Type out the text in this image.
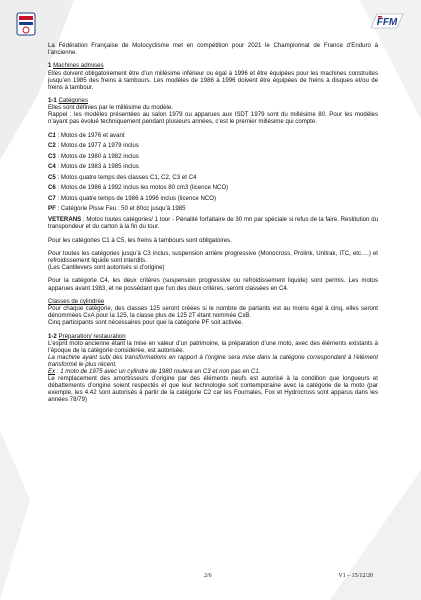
FFM

La Fédération Française de Motocyclisme met en compétition pour 2021 le Championnat de France d’Enduro à l’ancienne.

1 Machines admises

Elles doivent obligatoirement être d’un millésime inférieur ou égal à 1996 et être équipées pour les machines construites jusqu’en 1985 des freins à tambours. Les modèles de 1986 à 1996 doivent être équipées de freins à disques et/ou de freins à tambour.

1-1 Catégories

Elles sont définies par le millésime du modèle.

Rappel : les modèles présentées au salon 1979 ou apparues aux ISDT 1979 sont du millésime 80. Pour les modèles n’ayant pas évolué techniquement pendant plusieurs années, c’est le premier millésime qui compte.

C1 : Motos de 1976 et avant

C2 : Motos de 1977 à 1979 inclus

C3 : Motos de 1980 à 1982 inclus

C4 : Motos de 1983 à 1985 inclus

C5 : Motos quatre temps des classes C1, C2, C3 et C4

C6 : Motos de 1986 à 1992 inclus les motos 80 cm3 (licence NCO)

C7 : Motos quatre temps de 1986 à 1996 inclus (licence NCO)

PF : Catégorie Pisse Feu : 50 et 80cc jusqu’à 1985

VETERANS : Motos toutes catégories/ 1 tour - Pénalité forfaitaire de 30 mn par spéciale si refus de la faire. Restitution du transpondeur et du carton à la fin du tour.

Pour les catégories C1 à C5, les freins à tambours sont obligatoires.

Pour toutes les catégories jusqu’à C3 inclus, suspension arrière progressive (Monocross, Prolink, Unitrak, ITC, etc….) et refroidissement liquide sont interdits.

(Les Cantilevers sont autorisés si d’origine)

Pour la catégorie C4, les deux critères (suspension progressive ou refroidissement liquide) sont permis. Les motos apparues avant 1983, et ne possédant que l’un des deux critères, seront classées en C4.

Classes de cylindrée

Pour chaque catégorie, des classes 125 seront créées si le nombre de partants est au moins égal à cinq, elles seront dénommées CxA pour la 125, la classe plus de 125 2T étant nommée CxB.

Cinq participants sont nécessaires pour que la catégorie PF soit activée.

1-2 Préparation/ restauration

L’esprit moto ancienne étant la mise en valeur d’un patrimoine, la préparation d’une moto, avec des éléments existants à l’époque de la catégorie considérée, est autorisée.

La machine ayant subi des transformations en rapport à l’origine sera mise dans la catégorie correspondant à l’élément transformé le plus récent.

Ex : 1 moto de 1975 avec un cylindre de 1980 roulera en C3 et non pas en C1.

Le remplacement des amortisseurs d’origine par des éléments neufs est autorisé à la condition que longueurs et débattements d’origine soient respectés et que leur technologie soit contemporaine avec la catégorie de la moto (par exemple, les 4.42 sont autorisés à partir de la catégorie C2 car les Fournales, Fox et Hydrocross sont apparus dans les années 78/79)

2/6	V1 – 15/12/20
